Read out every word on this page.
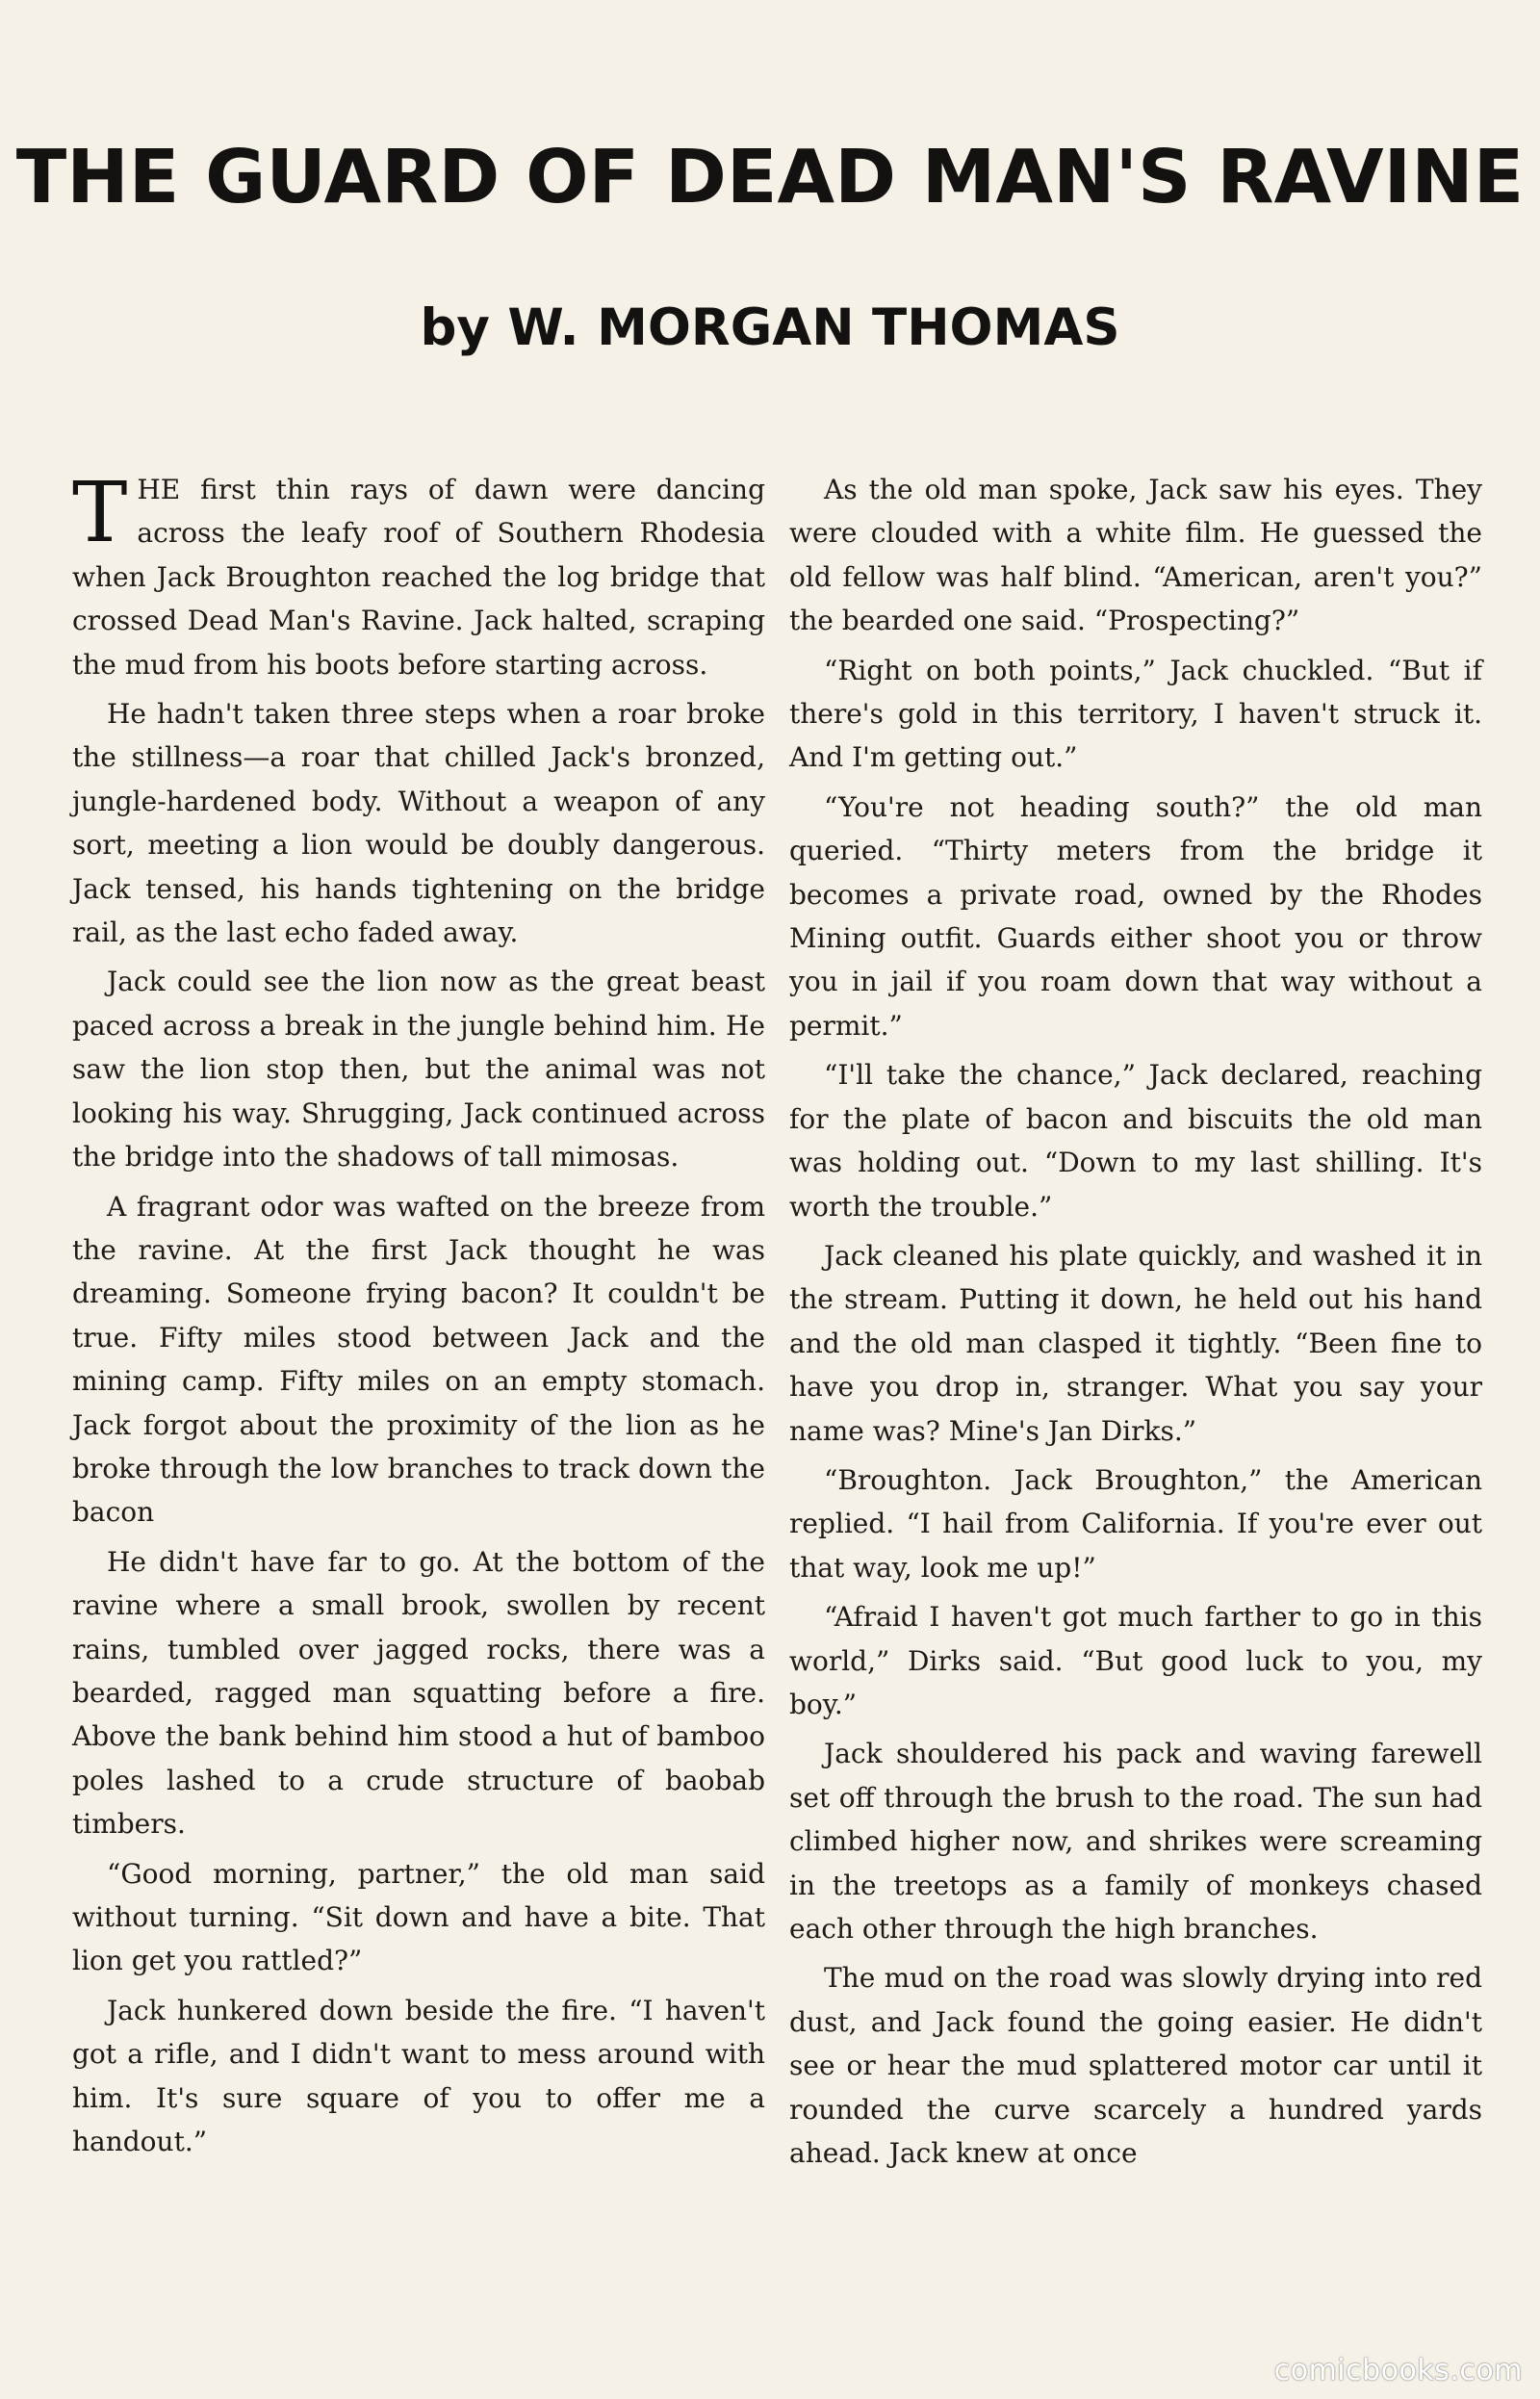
THE GUARD OF DEAD MAN'S RAVINE
by W. MORGAN THOMAS

THE first thin rays of dawn were dancing across the leafy roof of Southern Rhodesia when Jack Broughton reached the log bridge that crossed Dead Man's Ravine. Jack halted, scraping the mud from his boots before starting across.

He hadn't taken three steps when a roar broke the stillness—a roar that chilled Jack's bronzed, jungle-hardened body. Without a weapon of any sort, meeting a lion would be doubly dangerous. Jack tensed, his hands tightening on the bridge rail, as the last echo faded away.

Jack could see the lion now as the great beast paced across a break in the jungle behind him. He saw the lion stop then, but the animal was not looking his way. Shrugging, Jack continued across the bridge into the shadows of tall mimosas.

A fragrant odor was wafted on the breeze from the ravine. At the first Jack thought he was dreaming. Someone frying bacon? It couldn't be true. Fifty miles stood between Jack and the mining camp. Fifty miles on an empty stomach. Jack forgot about the proximity of the lion as he broke through the low branches to track down the bacon

He didn't have far to go. At the bottom of the ravine where a small brook, swollen by recent rains, tumbled over jagged rocks, there was a bearded, ragged man squatting before a fire. Above the bank behind him stood a hut of bamboo poles lashed to a crude structure of baobab timbers.

“Good morning, partner,” the old man said without turning. “Sit down and have a bite. That lion get you rattled?”

Jack hunkered down beside the fire. “I haven't got a rifle, and I didn't want to mess around with him. It's sure square of you to offer me a handout.”

As the old man spoke, Jack saw his eyes. They were clouded with a white film. He guessed the old fellow was half blind. “American, aren't you?” the bearded one said. “Prospecting?”

“Right on both points,” Jack chuckled. “But if there's gold in this territory, I haven't struck it. And I'm getting out.”

“You're not heading south?” the old man queried. “Thirty meters from the bridge it becomes a private road, owned by the Rhodes Mining outfit. Guards either shoot you or throw you in jail if you roam down that way without a permit.”

“I'll take the chance,” Jack declared, reaching for the plate of bacon and biscuits the old man was holding out. “Down to my last shilling. It's worth the trouble.”

Jack cleaned his plate quickly, and washed it in the stream. Putting it down, he held out his hand and the old man clasped it tightly. “Been fine to have you drop in, stranger. What you say your name was? Mine's Jan Dirks.”

“Broughton. Jack Broughton,” the American replied. “I hail from California. If you're ever out that way, look me up!”

“Afraid I haven't got much farther to go in this world,” Dirks said. “But good luck to you, my boy.”

Jack shouldered his pack and waving farewell set off through the brush to the road. The sun had climbed higher now, and shrikes were screaming in the treetops as a family of monkeys chased each other through the high branches.

The mud on the road was slowly drying into red dust, and Jack found the going easier. He didn't see or hear the mud splattered motor car until it rounded the curve scarcely a hundred yards ahead. Jack knew at once

comicbooks.com
